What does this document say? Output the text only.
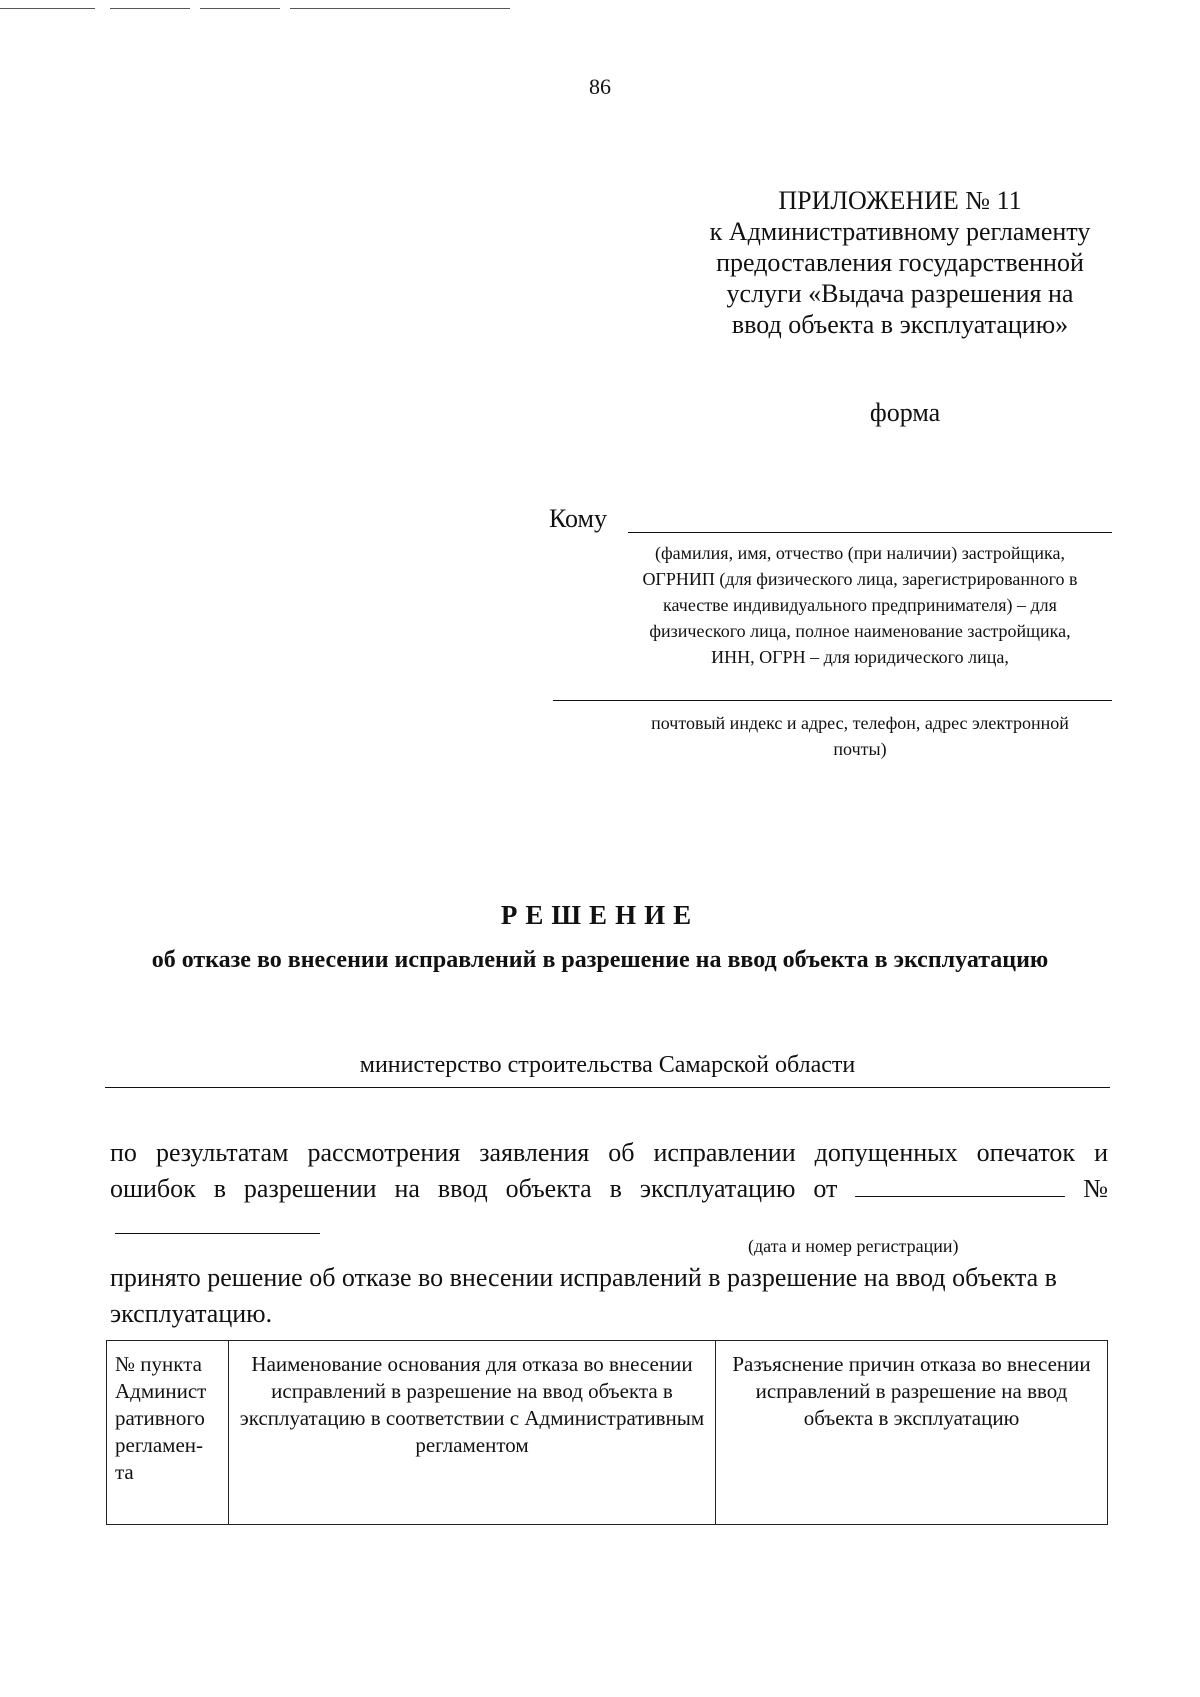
86
ПРИЛОЖЕНИЕ № 11
к Административному регламенту
предоставления государственной
услуги «Выдача разрешения на
ввод объекта в эксплуатацию»
форма
Кому
(фамилия, имя, отчество (при наличии) застройщика,
ОГРНИП (для физического лица, зарегистрированного в
качестве индивидуального предпринимателя) – для
физического лица, полное наименование застройщика,
ИНН, ОГРН – для юридического лица,
почтовый индекс и адрес, телефон, адрес электронной
почты)
РЕШЕНИЕ
об отказе во внесении исправлений в разрешение на ввод объекта в эксплуатацию
министерство строительства Самарской области
по результатам рассмотрения заявления об исправлении допущенных опечаток и
ошибок в разрешении на ввод объекта в эксплуатацию от	№
(дата и номер регистрации)
принято решение об отказе во внесении исправлений в разрешение на ввод объекта в эксплуатацию.
№ пункта Админист ративного регламен- та	Наименование основания для отказа во внесении исправлений в разрешение на ввод объекта в эксплуатацию в соответствии с Административным регламентом	Разъяснение причин отказа во внесении исправлений в разрешение на ввод объекта в эксплуатацию
